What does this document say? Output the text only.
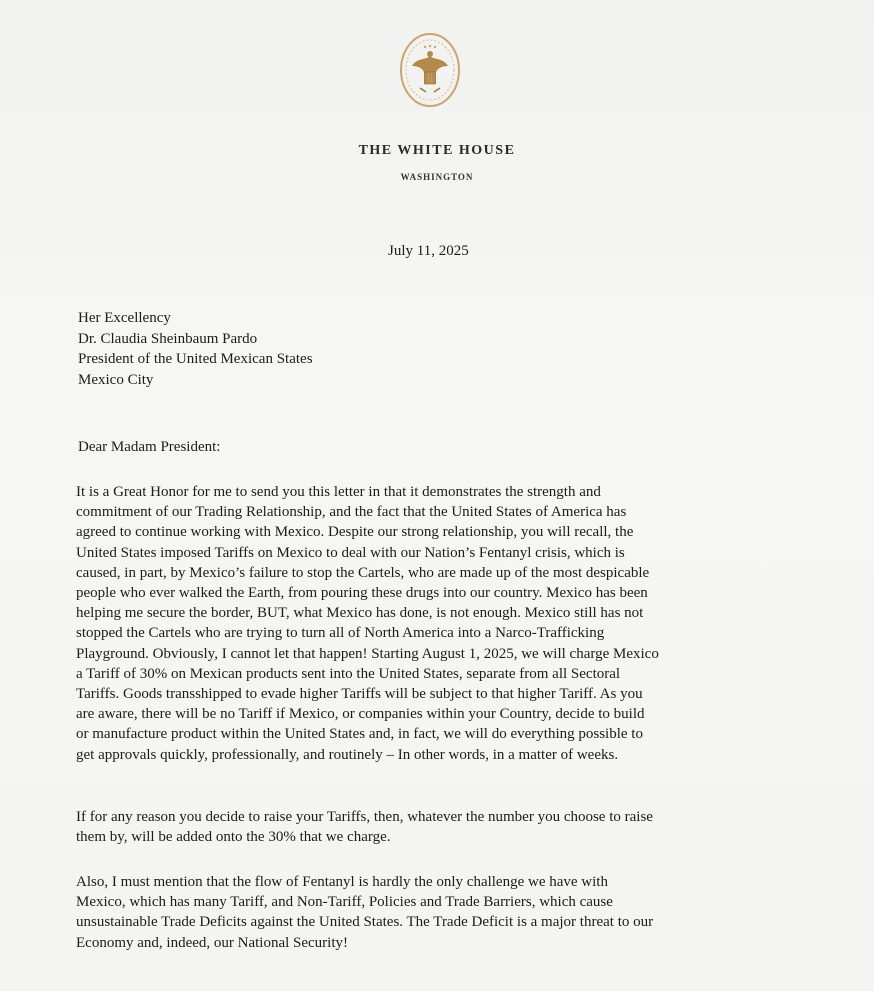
THE WHITE HOUSE
WASHINGTON
July 11, 2025
Her Excellency
Dr. Claudia Sheinbaum Pardo
President of the United Mexican States
Mexico City
Dear Madam President:
It is a Great Honor for me to send you this letter in that it demonstrates the strength and
commitment of our Trading Relationship, and the fact that the United States of America has
agreed to continue working with Mexico. Despite our strong relationship, you will recall, the
United States imposed Tariffs on Mexico to deal with our Nation’s Fentanyl crisis, which is
caused, in part, by Mexico’s failure to stop the Cartels, who are made up of the most despicable
people who ever walked the Earth, from pouring these drugs into our country. Mexico has been
helping me secure the border, BUT, what Mexico has done, is not enough. Mexico still has not
stopped the Cartels who are trying to turn all of North America into a Narco-Trafficking
Playground. Obviously, I cannot let that happen! Starting August 1, 2025, we will charge Mexico
a Tariff of 30% on Mexican products sent into the United States, separate from all Sectoral
Tariffs. Goods transshipped to evade higher Tariffs will be subject to that higher Tariff. As you
are aware, there will be no Tariff if Mexico, or companies within your Country, decide to build
or manufacture product within the United States and, in fact, we will do everything possible to
get approvals quickly, professionally, and routinely – In other words, in a matter of weeks.
If for any reason you decide to raise your Tariffs, then, whatever the number you choose to raise
them by, will be added onto the 30% that we charge.
Also, I must mention that the flow of Fentanyl is hardly the only challenge we have with
Mexico, which has many Tariff, and Non-Tariff, Policies and Trade Barriers, which cause
unsustainable Trade Deficits against the United States. The Trade Deficit is a major threat to our
Economy and, indeed, our National Security!
